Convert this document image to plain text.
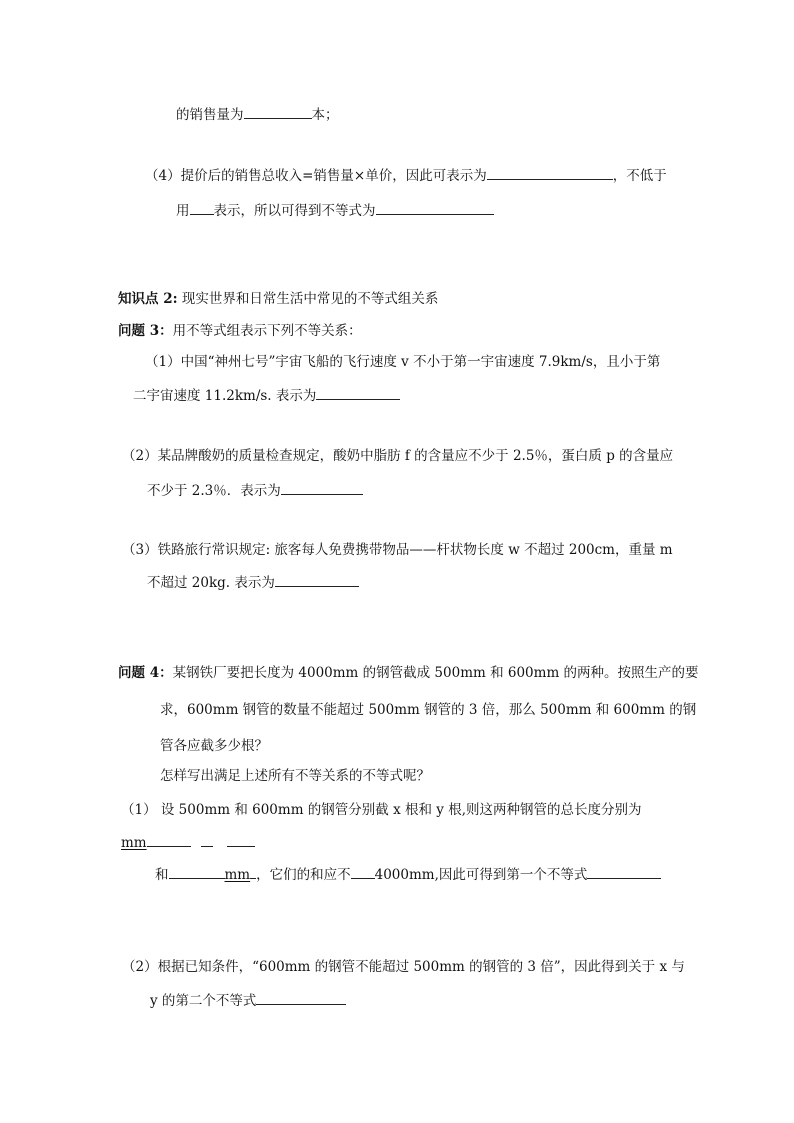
的销售量为	本；
（4）提价后的销售总收入=销售量×单价，因此可表示为	，不低于
用 表示，所以可得到不等式为
知识点 2: 现实世界和日常生活中常见的不等式组关系
问题 3：用不等式组表示下列不等关系：
（1）中国“神州七号”宇宙飞船的飞行速度 v 不小于第一宇宙速度 7.9km/s，且小于第
二宇宙速度 11.2km/s. 表示为
（2）某品牌酸奶的质量检查规定，酸奶中脂肪 f 的含量应不少于 2.5％，蛋白质 p 的含量应
不少于 2.3％．表示为
（3）铁路旅行常识规定: 旅客每人免费携带物品——杆状物长度 w 不超过 200cm，重量 m
不超过 20kg. 表示为
问题 4：某钢铁厂要把长度为 4000mm 的钢管截成 500mm 和 600mm 的两种。按照生产的要
求，600mm 钢管的数量不能超过 500mm 钢管的 3 倍，那么 500mm 和 600mm 的钢
管各应截多少根？
怎样写出满足上述所有不等关系的不等式呢？
（1） 设 500mm 和 600mm 的钢管分别截 x 根和 y 根,则这两种钢管的总长度分别为
mm
和	mm ，它们的和应不 4000mm,因此可得到第一个不等式
（2）根据已知条件，“600mm 的钢管不能超过 500mm 的钢管的 3 倍”，因此得到关于 x 与
y 的第二个不等式
